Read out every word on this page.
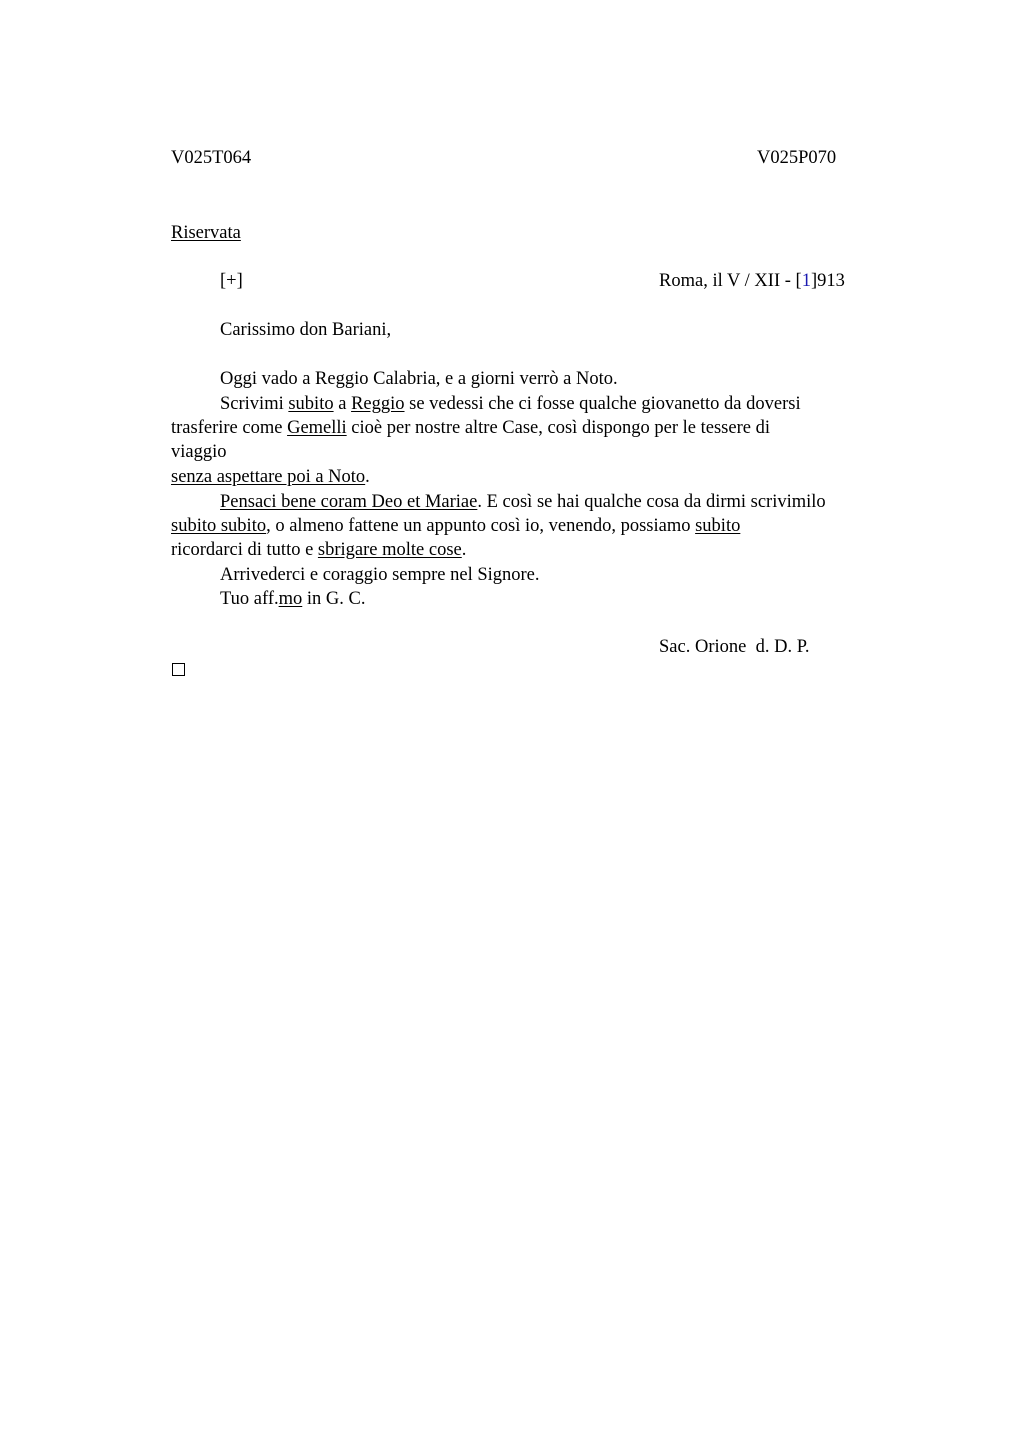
V025T064	V025P070
Riservata
[+]	Roma, il V / XII - [1]913
Carissimo don Bariani,
Oggi vado a Reggio Calabria, e a giorni verrò a Noto.
Scrivimi subito a Reggio se vedessi che ci fosse qualche giovanetto da doversi
trasferire come Gemelli cioè per nostre altre Case, così dispongo per le tessere di
viaggio
senza aspettare poi a Noto.
Pensaci bene coram Deo et Mariae. E così se hai qualche cosa da dirmi scrivimilo
subito subito, o almeno fattene un appunto così io, venendo, possiamo subito
ricordarci di tutto e sbrigare molte cose.
Arrivederci e coraggio sempre nel Signore.
Tuo aff.mo in G. C.
Sac. Orione  d. D. P.
